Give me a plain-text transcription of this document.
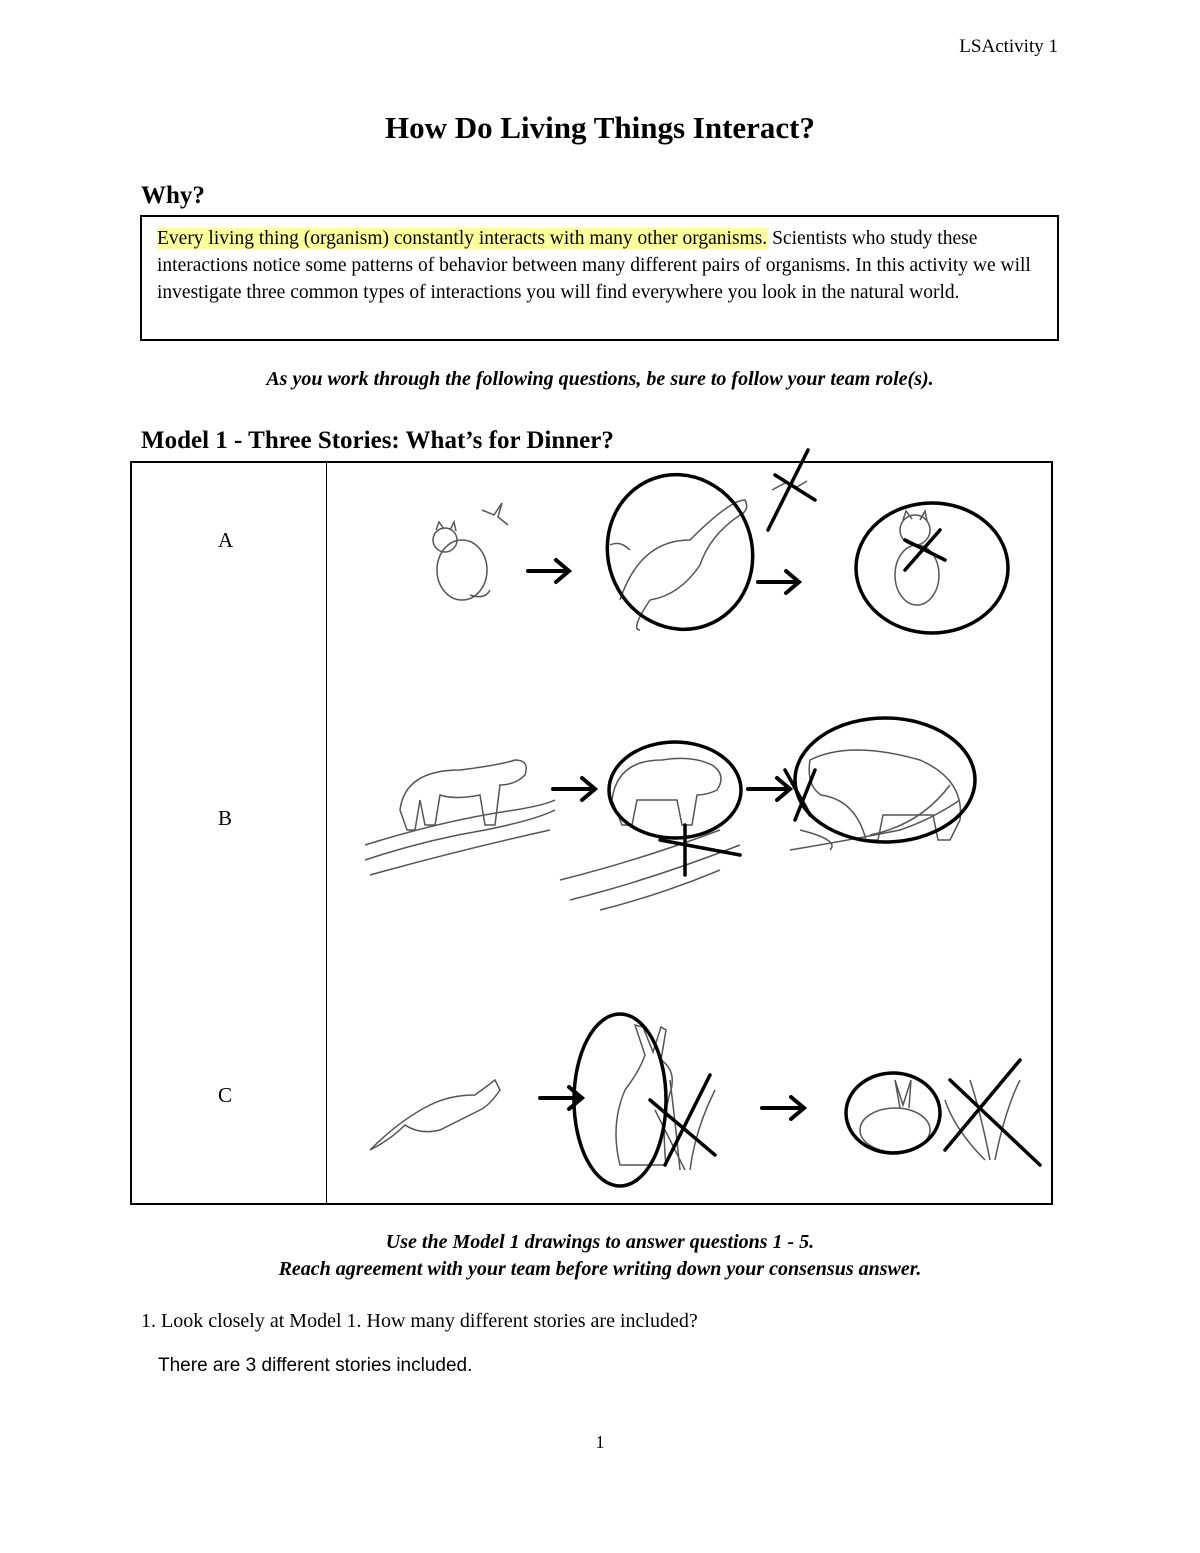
LSActivity 1
How Do Living Things Interact?
Why?
Every living thing (organism) constantly interacts with many other organisms. Scientists who study these interactions notice some patterns of behavior between many different pairs of organisms. In this activity we will investigate three common types of interactions you will find everywhere you look in the natural world.
As you work through the following questions, be sure to follow your team role(s).
Model 1 - Three Stories: What’s for Dinner?
A
B
C
Use the Model 1 drawings to answer questions 1 - 5.
Reach agreement with your team before writing down your consensus answer.
1. Look closely at Model 1. How many different stories are included?
There are 3 different stories included.
1
